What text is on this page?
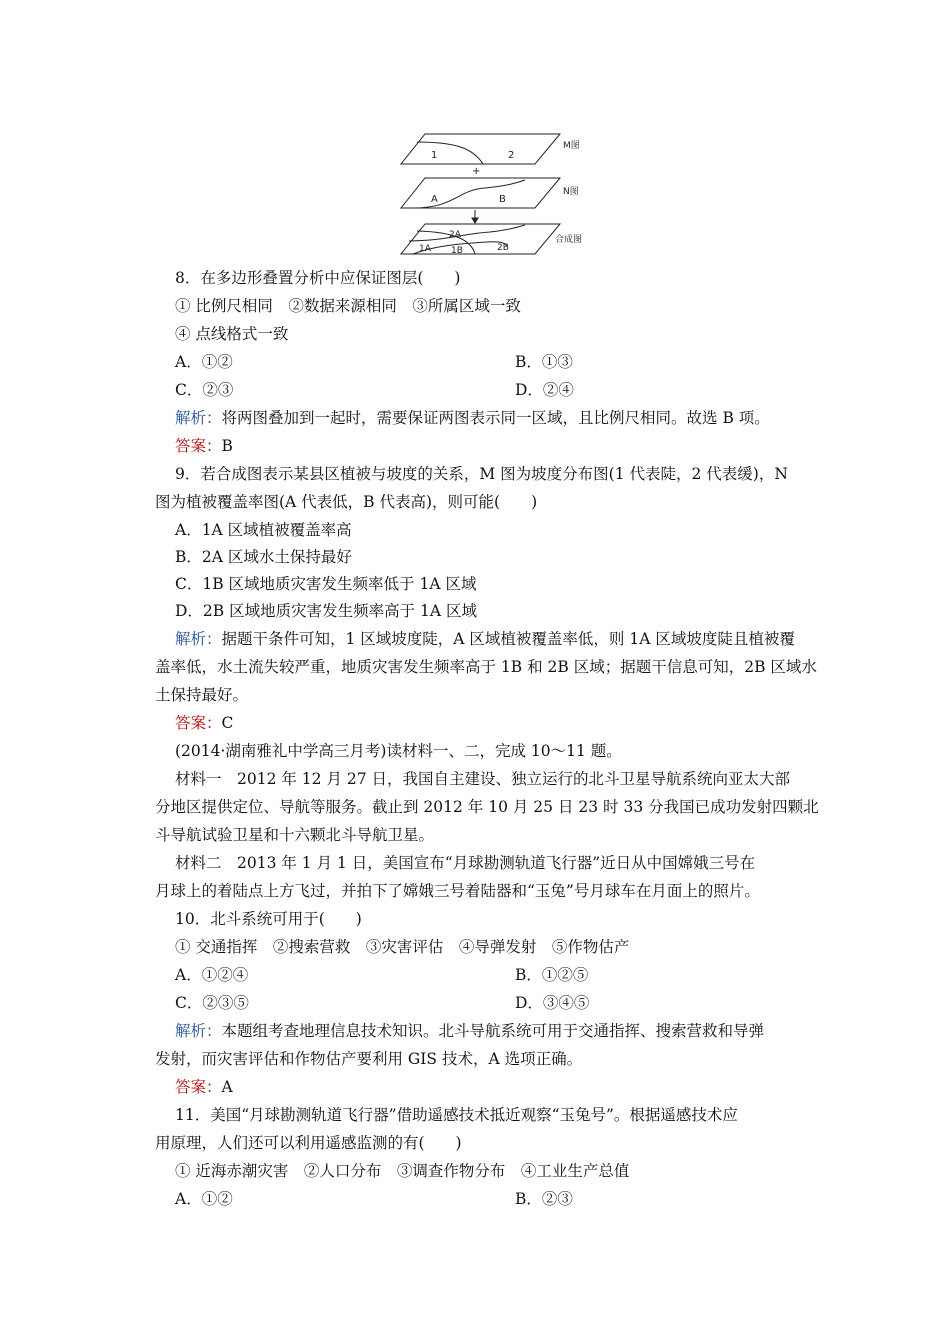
1	2
+
A	B
2A
1A 1B	2B
M图
N图
合成图
8．在多边形叠置分析中应保证图层(　　)
① 比例尺相同　②数据来源相同　③所属区域一致
④ 点线格式一致
A．①②	B．①③
C．②③	D．②④
解析：将两图叠加到一起时，需要保证两图表示同一区域，且比例尺相同。故选 B 项。
答案：B
9．若合成图表示某县区植被与坡度的关系，M 图为坡度分布图(1 代表陡，2 代表缓)，N
图为植被覆盖率图(A 代表低，B 代表高)，则可能(　　)
A．1A 区域植被覆盖率高
B．2A 区域水土保持最好
C．1B 区域地质灾害发生频率低于 1A 区域
D．2B 区域地质灾害发生频率高于 1A 区域
解析：据题干条件可知，1 区域坡度陡，A 区域植被覆盖率低，则 1A 区域坡度陡且植被覆
盖率低，水土流失较严重，地质灾害发生频率高于 1B 和 2B 区域；据题干信息可知，2B 区域水
土保持最好。
答案：C
(2014·湖南雅礼中学高三月考)读材料一、二，完成 10～11 题。
材料一　2012 年 12 月 27 日，我国自主建设、独立运行的北斗卫星导航系统向亚太大部
分地区提供定位、导航等服务。截止到 2012 年 10 月 25 日 23 时 33 分我国已成功发射四颗北
斗导航试验卫星和十六颗北斗导航卫星。
材料二　2013 年 1 月 1 日，美国宣布“月球勘测轨道飞行器”近日从中国嫦娥三号在
月球上的着陆点上方飞过，并拍下了嫦娥三号着陆器和“玉兔”号月球车在月面上的照片。
10．北斗系统可用于(　　)
① 交通指挥　②搜索营救　③灾害评估　④导弹发射　⑤作物估产
A．①②④	B．①②⑤
C．②③⑤	D．③④⑤
解析：本题组考查地理信息技术知识。北斗导航系统可用于交通指挥、搜索营救和导弹
发射，而灾害评估和作物估产要利用 GIS 技术，A 选项正确。
答案：A
11．美国“月球勘测轨道飞行器”借助遥感技术抵近观察“玉兔号”。根据遥感技术应
用原理，人们还可以利用遥感监测的有(　　)
① 近海赤潮灾害　②人口分布　③调查作物分布　④工业生产总值
A．①②	B．②③
